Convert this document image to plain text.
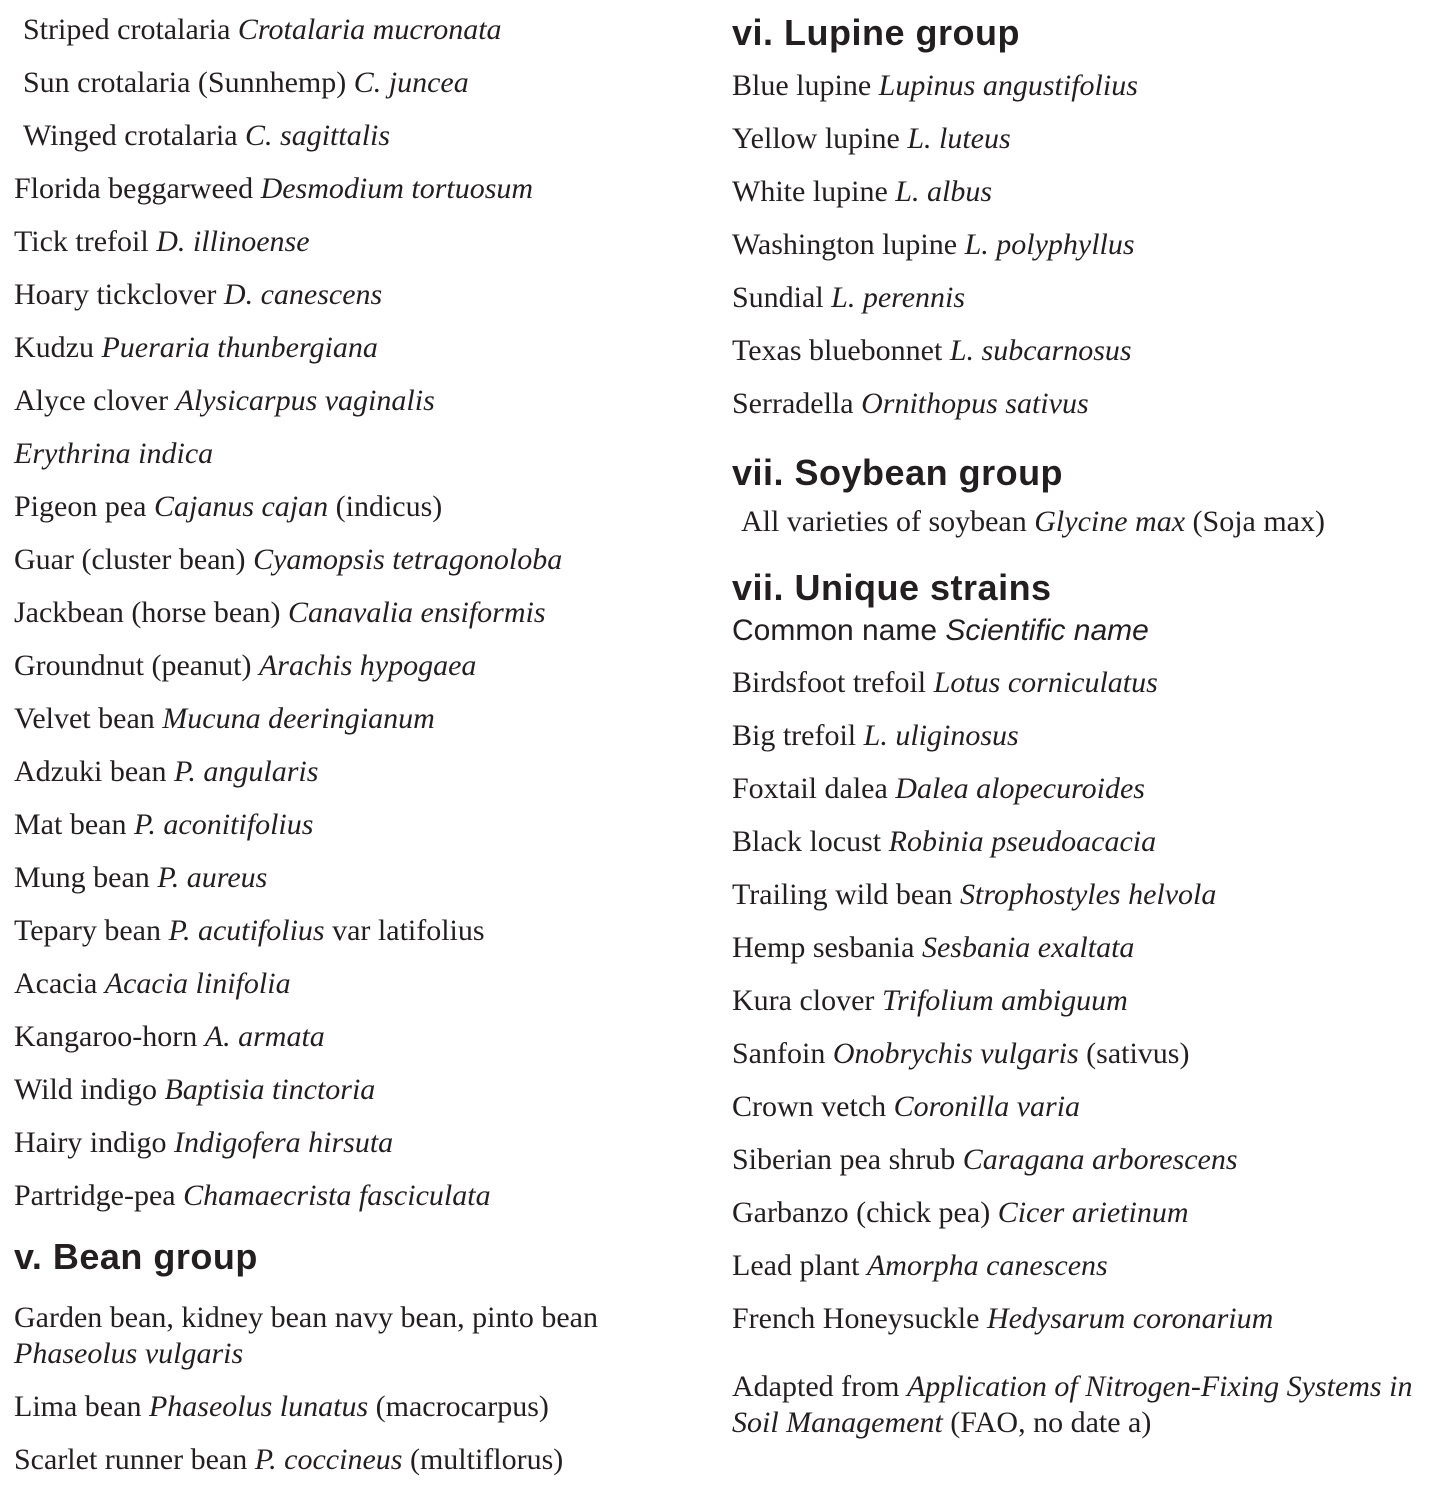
Striped crotalaria Crotalaria mucronata
Sun crotalaria (Sunnhemp) C. juncea
Winged crotalaria C. sagittalis
Florida beggarweed Desmodium tortuosum
Tick trefoil D. illinoense
Hoary tickclover D. canescens
Kudzu Pueraria thunbergiana
Alyce clover Alysicarpus vaginalis
Erythrina indica
Pigeon pea Cajanus cajan (indicus)
Guar (cluster bean) Cyamopsis tetragonoloba
Jackbean (horse bean) Canavalia ensiformis
Groundnut (peanut) Arachis hypogaea
Velvet bean Mucuna deeringianum
Adzuki bean P. angularis
Mat bean P. aconitifolius
Mung bean P. aureus
Tepary bean P. acutifolius var latifolius
Acacia Acacia linifolia
Kangaroo-horn A. armata
Wild indigo Baptisia tinctoria
Hairy indigo Indigofera hirsuta
Partridge-pea Chamaecrista fasciculata
v. Bean group
Garden bean, kidney bean navy bean, pinto bean
Phaseolus vulgaris
Lima bean Phaseolus lunatus (macrocarpus)
Scarlet runner bean P. coccineus (multiflorus)
vi. Lupine group
Blue lupine Lupinus angustifolius
Yellow lupine L. luteus
White lupine L. albus
Washington lupine L. polyphyllus
Sundial L. perennis
Texas bluebonnet L. subcarnosus
Serradella Ornithopus sativus
vii. Soybean group
All varieties of soybean Glycine max (Soja max)
vii. Unique strains
Common name Scientific name
Birdsfoot trefoil Lotus corniculatus
Big trefoil L. uliginosus
Foxtail dalea Dalea alopecuroides
Black locust Robinia pseudoacacia
Trailing wild bean Strophostyles helvola
Hemp sesbania Sesbania exaltata
Kura clover Trifolium ambiguum
Sanfoin Onobrychis vulgaris (sativus)
Crown vetch Coronilla varia
Siberian pea shrub Caragana arborescens
Garbanzo (chick pea) Cicer arietinum
Lead plant Amorpha canescens
French Honeysuckle Hedysarum coronarium
Adapted from Application of Nitrogen-Fixing Systems in
Soil Management (FAO, no date a)
